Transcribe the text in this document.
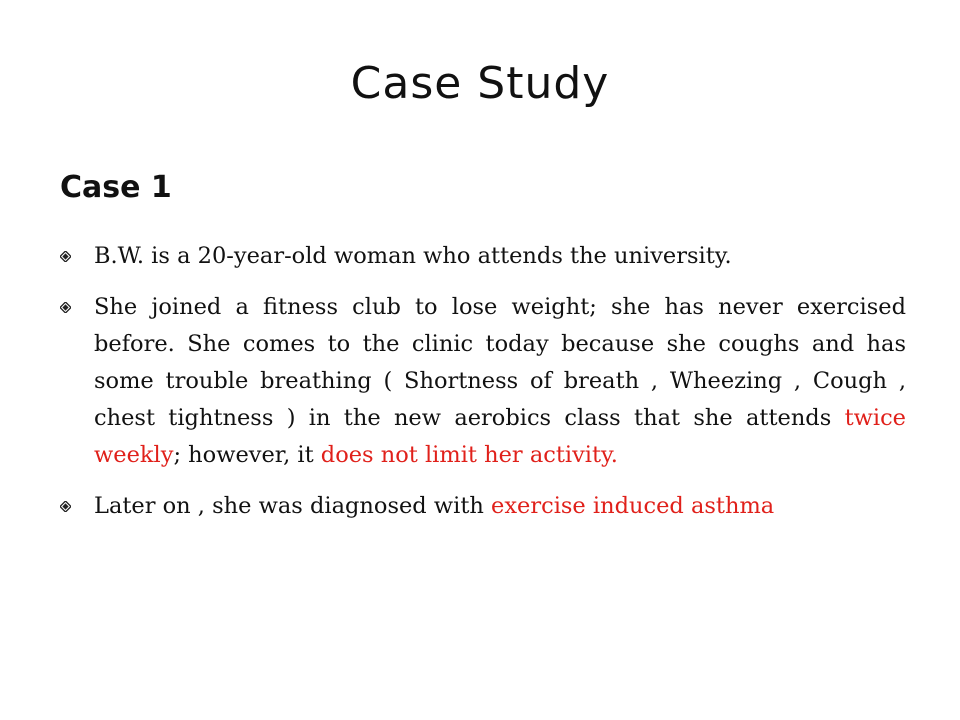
Case Study
Case 1
B.W. is a 20-year-old woman who attends the university.
She joined a fitness club to lose weight; she has never exercised before. She comes to the clinic today because she coughs and has some trouble breathing ( Shortness of breath , Wheezing , Cough , chest tightness ) in the new aerobics class that she attends twice weekly; however, it does not limit her activity.
Later on , she was diagnosed with exercise induced asthma
